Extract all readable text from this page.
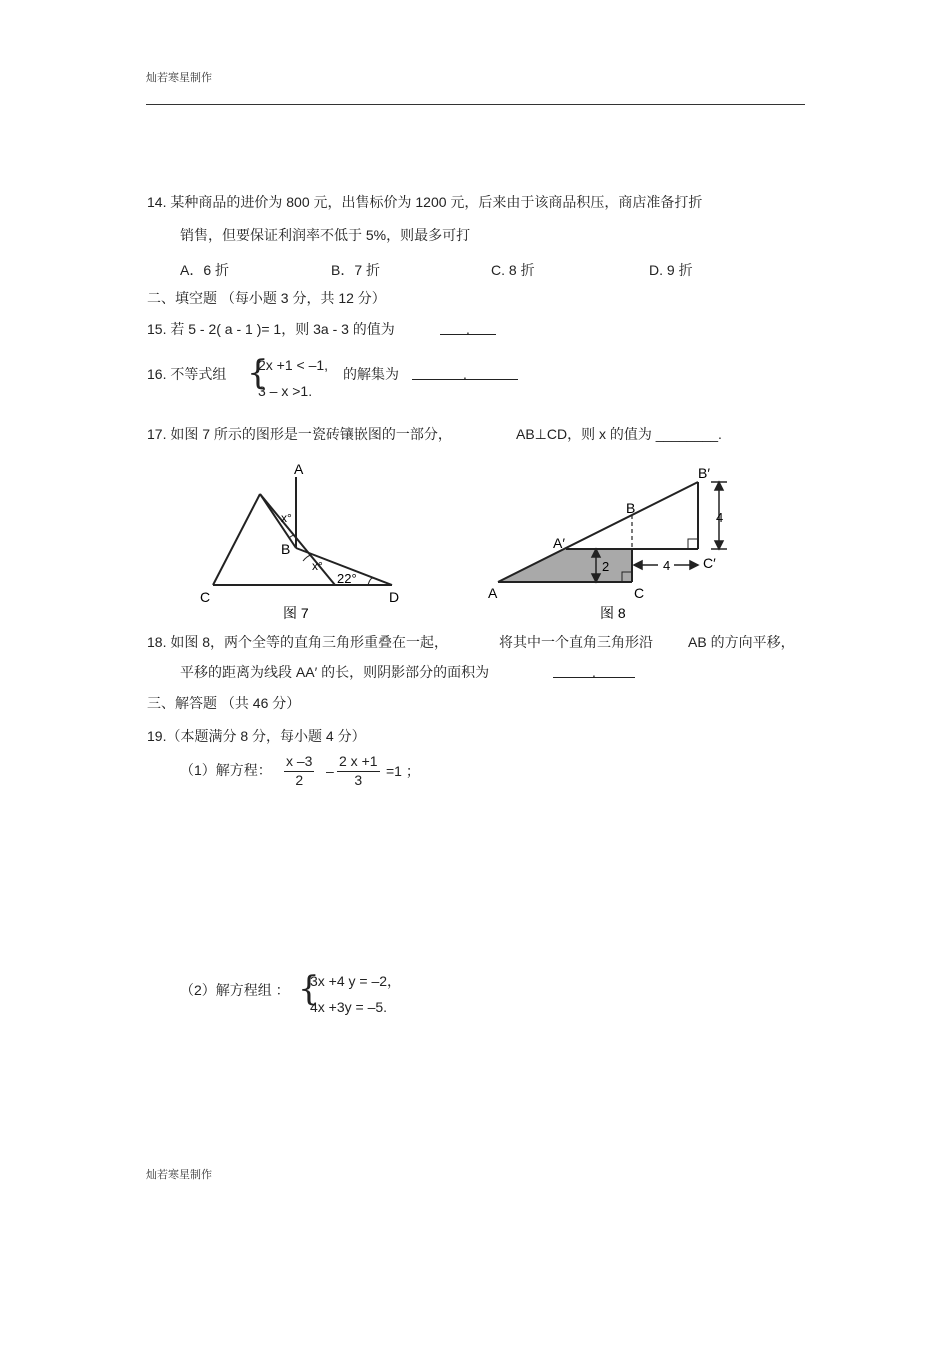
灿若寒星制作
14. 某种商品的进价为 800 元，出售标价为 1200 元，后来由于该商品积压，商店准备打折
销售，但要保证利润率不低于 5%，则最多可打
A．6 折	B．7 折	C. 8 折	D. 9 折
二、填空题 （每小题 3 分，共 12 分）
15. 若 5 - 2( a - 1 )= 1，则 3a - 3 的值为	.
16. 不等式组 {
2x +1 < –1,
3 – x >1.
的解集为	.
17. 如图 7 所示的图形是一瓷砖镶嵌图的一部分，	AB⊥CD，则 x 的值为 ________.
A
x°
B
x°
22°
C	D
图 7
B′
B
A′
A	C
C′
4
4
2
图 8
18. 如图 8，两个全等的直角三角形重叠在一起，	将其中一个直角三角形沿	AB 的方向平移，
平移的距离为线段 AA′ 的长，则阴影部分的面积为	.
三、解答题 （共 46 分）
19.（本题满分 8 分，每小题 4 分）
（1）解方程： $\frac{x -3}{2} - \frac{2 x +1}{3} =1$ ；
（2）解方程组 ： {
3x +4 y = –2，
4x +3y = –5.
灿若寒星制作
